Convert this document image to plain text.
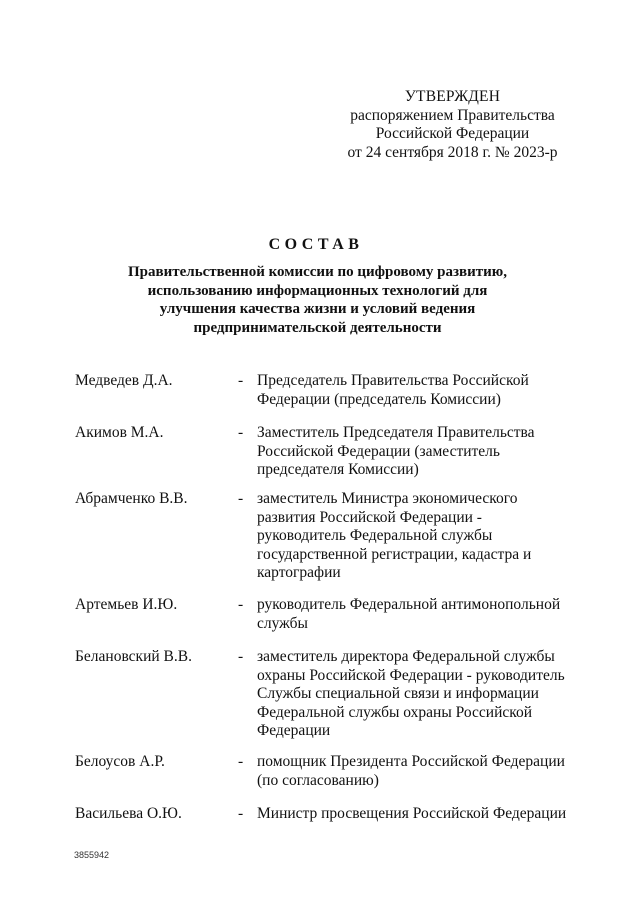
УТВЕРЖДЕН
распоряжением Правительства
Российской Федерации
от 24 сентября 2018 г. № 2023-р
СОСТАВ
Правительственной комиссии по цифровому развитию, использованию информационных технологий для улучшения качества жизни и условий ведения предпринимательской деятельности
Медведев Д.А.	- Председатель Правительства Российской Федерации (председатель Комиссии)
Акимов М.А.	- Заместитель Председателя Правительства Российской Федерации (заместитель председателя Комиссии)
Абрамченко В.В.	- заместитель Министра экономического развития Российской Федерации - руководитель Федеральной службы государственной регистрации, кадастра и картографии
Артемьев И.Ю.	- руководитель Федеральной антимонопольной службы
Белановский В.В.	- заместитель директора Федеральной службы охраны Российской Федерации - руководитель Службы специальной связи и информации Федеральной службы охраны Российской Федерации
Белоусов А.Р.	- помощник Президента Российской Федерации (по согласованию)
Васильева О.Ю.	- Министр просвещения Российской Федерации
3855942
